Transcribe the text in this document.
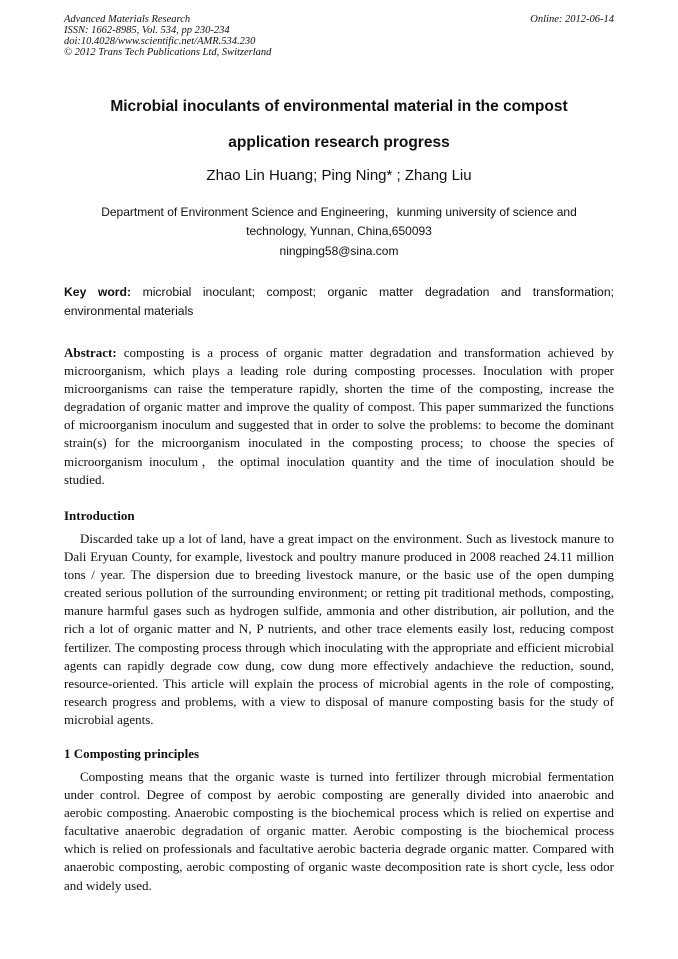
Advanced Materials Research
ISSN: 1662-8985, Vol. 534, pp 230-234
doi:10.4028/www.scientific.net/AMR.534.230
© 2012 Trans Tech Publications Ltd, Switzerland
Online: 2012-06-14
Microbial inoculants of environmental material in the compost
application research progress
Zhao Lin Huang; Ping Ning* ; Zhang Liu
Department of Environment Science and Engineering，kunming university of science and technology, Yunnan, China,650093
ningping58@sina.com
Key word: microbial inoculant; compost; organic matter degradation and transformation; environmental materials
Abstract: composting is a process of organic matter degradation and transformation achieved by microorganism, which plays a leading role during composting processes. Inoculation with proper microorganisms can raise the temperature rapidly, shorten the time of the composting, increase the degradation of organic matter and improve the quality of compost. This paper summarized the functions of microorganism inoculum and suggested that in order to solve the problems: to become the dominant strain(s) for the microorganism inoculated in the composting process; to choose the species of microorganism inoculum，the optimal inoculation quantity and the time of inoculation should be studied.
Introduction
Discarded take up a lot of land, have a great impact on the environment. Such as livestock manure to Dali Eryuan County, for example, livestock and poultry manure produced in 2008 reached 24.11 million tons / year. The dispersion due to breeding livestock manure, or the basic use of the open dumping created serious pollution of the surrounding environment; or retting pit traditional methods, composting, manure harmful gases such as hydrogen sulfide, ammonia and other distribution, air pollution, and the rich a lot of organic matter and N, P nutrients, and other trace elements easily lost, reducing compost fertilizer. The composting process through which inoculating with the appropriate and efficient microbial agents can rapidly degrade cow dung, cow dung more effectively andachieve the reduction, sound, resource-oriented. This article will explain the process of microbial agents in the role of composting, research progress and problems, with a view to disposal of manure composting basis for the study of microbial agents.
1 Composting principles
Composting means that the organic waste is turned into fertilizer through microbial fermentation under control. Degree of compost by aerobic composting are generally divided into anaerobic and aerobic composting. Anaerobic composting is the biochemical process which is relied on expertise and facultative anaerobic degradation of organic matter. Aerobic composting is the biochemical process which is relied on professionals and facultative aerobic bacteria degrade organic matter. Compared with anaerobic composting, aerobic composting of organic waste decomposition rate is short cycle, less odor and widely used.
